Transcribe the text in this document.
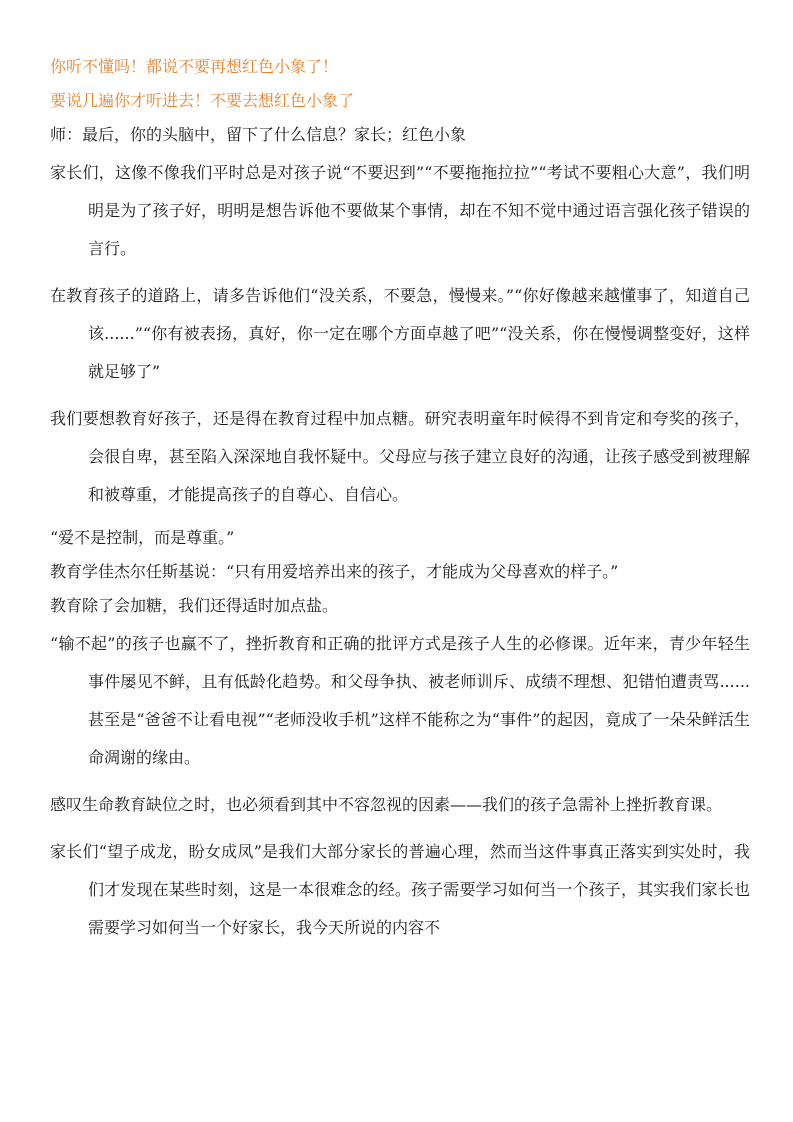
你听不懂吗！都说不要再想红色小象了！

要说几遍你才听进去！不要去想红色小象了

师：最后，你的头脑中，留下了什么信息？家长；红色小象

家长们，这像不像我们平时总是对孩子说“不要迟到”“不要拖拖拉拉”“考试不要粗心大意”，我们明明是为了孩子好，明明是想告诉他不要做某个事情，却在不知不觉中通过语言强化孩子错误的言行。

在教育孩子的道路上，请多告诉他们“没关系，不要急，慢慢来。”“你好像越来越懂事了，知道自己该......”“你有被表扬，真好，你一定在哪个方面卓越了吧”“没关系，你在慢慢调整变好，这样就足够了”

我们要想教育好孩子，还是得在教育过程中加点糖。研究表明童年时候得不到肯定和夸奖的孩子，会很自卑，甚至陷入深深地自我怀疑中。父母应与孩子建立良好的沟通，让孩子感受到被理解和被尊重，才能提高孩子的自尊心、自信心。

“爱不是控制，而是尊重。”

教育学佳杰尔任斯基说：“只有用爱培养出来的孩子，才能成为父母喜欢的样子。”

教育除了会加糖，我们还得适时加点盐。

“输不起”的孩子也赢不了，挫折教育和正确的批评方式是孩子人生的必修课。近年来，青少年轻生事件屡见不鲜，且有低龄化趋势。和父母争执、被老师训斥、成绩不理想、犯错怕遭责骂......甚至是“爸爸不让看电视”“老师没收手机”这样不能称之为“事件”的起因，竟成了一朵朵鲜活生命凋谢的缘由。

感叹生命教育缺位之时，也必须看到其中不容忽视的因素——我们的孩子急需补上挫折教育课。

家长们“望子成龙，盼女成凤”是我们大部分家长的普遍心理，然而当这件事真正落实到实处时，我们才发现在某些时刻，这是一本很难念的经。孩子需要学习如何当一个孩子，其实我们家长也需要学习如何当一个好家长，我今天所说的内容不
